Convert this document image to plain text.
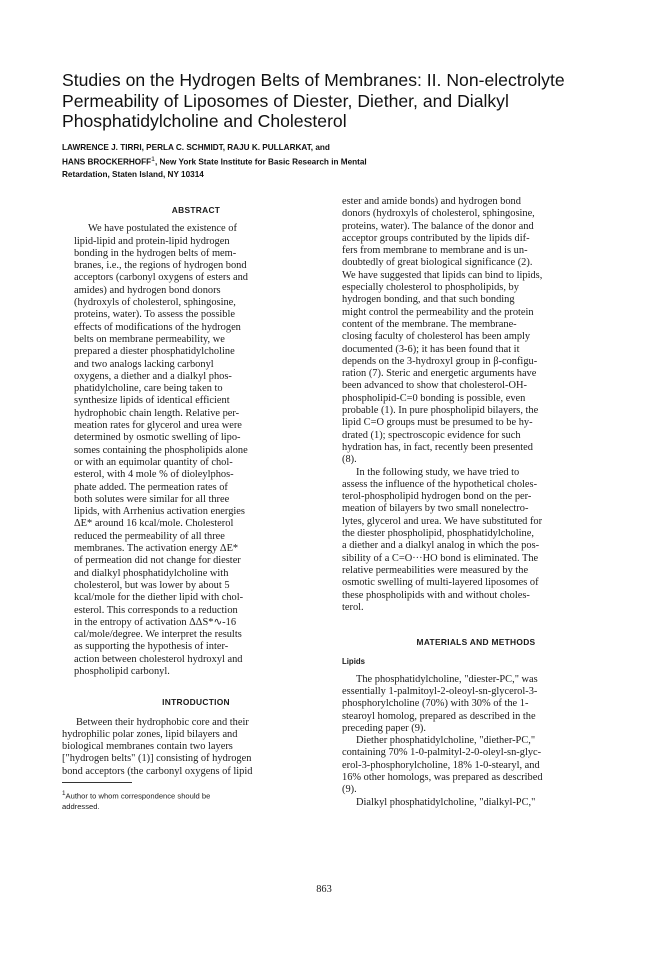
Studies on the Hydrogen Belts of Membranes: II. Non-electrolyte
Permeability of Liposomes of Diester, Diether, and Dialkyl
Phosphatidylcholine and Cholesterol
LAWRENCE J. TIRRI, PERLA C. SCHMIDT, RAJU K. PULLARKAT, and
HANS BROCKERHOFF$^1$, New York State Institute for Basic Research in Mental
Retardation, Staten Island, NY 10314

ABSTRACT

We have postulated the existence of
lipid-lipid and protein-lipid hydrogen
bonding in the hydrogen belts of mem-
branes, i.e., the regions of hydrogen bond
acceptors (carbonyl oxygens of esters and
amides) and hydrogen bond donors
(hydroxyls of cholesterol, sphingosine,
proteins, water). To assess the possible
effects of modifications of the hydrogen
belts on membrane permeability, we
prepared a diester phosphatidylcholine
and two analogs lacking carbonyl
oxygens, a diether and a dialkyl phos-
phatidylcholine, care being taken to
synthesize lipids of identical efficient
hydrophobic chain length. Relative per-
meation rates for glycerol and urea were
determined by osmotic swelling of lipo-
somes containing the phospholipids alone
or with an equimolar quantity of chol-
esterol, with 4 mole % of dioleylphos-
phate added. The permeation rates of
both solutes were similar for all three
lipids, with Arrhenius activation energies
ΔE* around 16 kcal/mole. Cholesterol
reduced the permeability of all three
membranes. The activation energy ΔE*
of permeation did not change for diester
and dialkyl phosphatidylcholine with
cholesterol, but was lower by about 5
kcal/mole for the diether lipid with chol-
esterol. This corresponds to a reduction
in the entropy of activation ΔΔS*∿-16
cal/mole/degree. We interpret the results
as supporting the hypothesis of inter-
action between cholesterol hydroxyl and
phospholipid carbonyl.

INTRODUCTION

Between their hydrophobic core and their
hydrophilic polar zones, lipid bilayers and
biological membranes contain two layers
["hydrogen belts" (1)] consisting of hydrogen
bond acceptors (the carbonyl oxygens of lipid
$^1$Author to whom correspondence should be
addressed.
ester and amide bonds) and hydrogen bond
donors (hydroxyls of cholesterol, sphingosine,
proteins, water). The balance of the donor and
acceptor groups contributed by the lipids dif-
fers from membrane to membrane and is un-
doubtedly of great biological significance (2).
We have suggested that lipids can bind to lipids,
especially cholesterol to phospholipids, by
hydrogen bonding, and that such bonding
might control the permeability and the protein
content of the membrane. The membrane-
closing faculty of cholesterol has been amply
documented (3-6); it has been found that it
depends on the 3-hydroxyl group in β-configu-
ration (7). Steric and energetic arguments have
been advanced to show that cholesterol-OH-
phospholipid-C=0 bonding is possible, even
probable (1). In pure phospholipid bilayers, the
lipid C=O groups must be presumed to be hy-
drated (1); spectroscopic evidence for such
hydration has, in fact, recently been presented
(8).
In the following study, we have tried to
assess the influence of the hypothetical choles-
terol-phospholipid hydrogen bond on the per-
meation of bilayers by two small nonelectro-
lytes, glycerol and urea. We have substituted for
the diester phospholipid, phosphatidylcholine,
a diether and a dialkyl analog in which the pos-
sibility of a C=O···HO bond is eliminated. The
relative permeabilities were measured by the
osmotic swelling of multi-layered liposomes of
these phospholipids with and without choles-
terol.

MATERIALS AND METHODS

Lipids
The phosphatidylcholine, "diester-PC," was
essentially 1-palmitoyl-2-oleoyl-sn-glycerol-3-
phosphorylcholine (70%) with 30% of the 1-
stearoyl homolog, prepared as described in the
preceding paper (9).
Diether phosphatidylcholine, "diether-PC,"
containing 70% 1-0-palmityl-2-0-oleyl-sn-glyc-
erol-3-phosphorylcholine, 18% 1-0-stearyl, and
16% other homologs, was prepared as described
(9).
Dialkyl phosphatidylcholine, "dialkyl-PC,"
863
